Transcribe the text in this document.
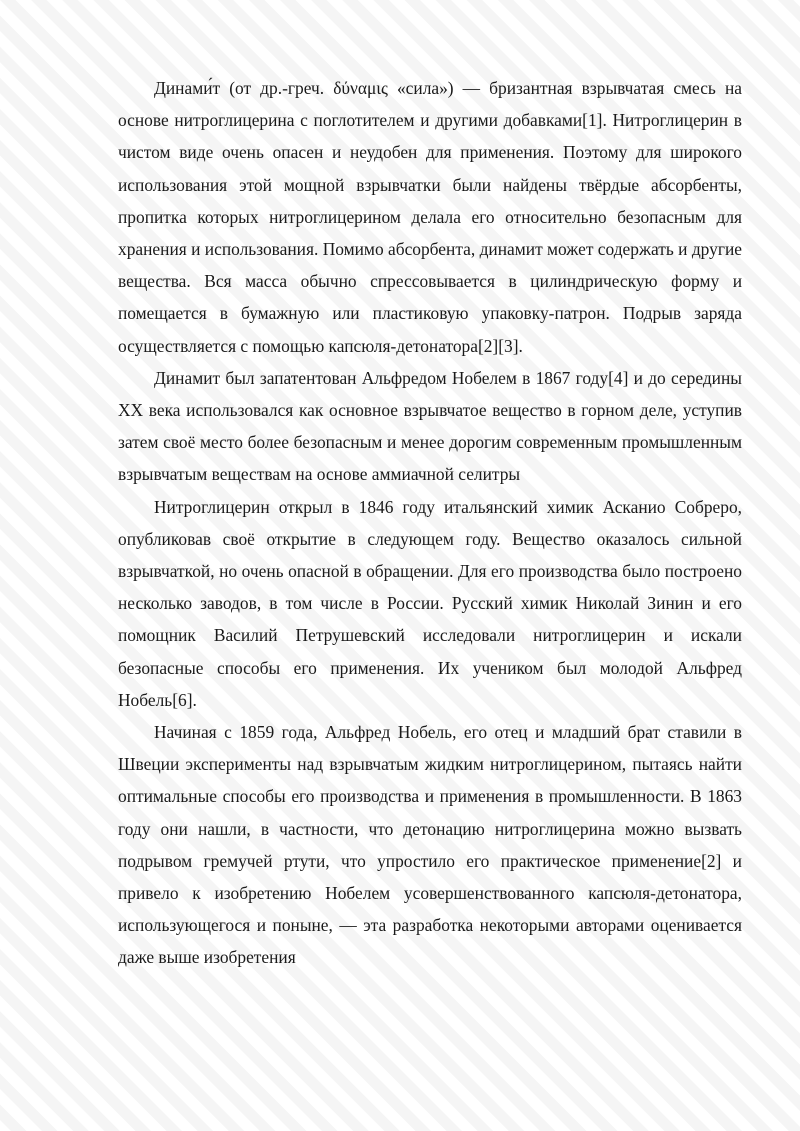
Динами́т (от др.-греч. δύναμις «сила») — бризантная взрывчатая смесь на основе нитроглицерина с поглотителем и другими добавками[1]. Нитроглицерин в чистом виде очень опасен и неудобен для применения. Поэтому для широкого использования этой мощной взрывчатки были найдены твёрдые абсорбенты, пропитка которых нитроглицерином делала его относительно безопасным для хранения и использования. Помимо абсорбента, динамит может содержать и другие вещества. Вся масса обычно спрессовывается в цилиндрическую форму и помещается в бумажную или пластиковую упаковку-патрон. Подрыв заряда осуществляется с помощью капсюля-детонатора[2][3].

Динамит был запатентован Альфредом Нобелем в 1867 году[4] и до середины XX века использовался как основное взрывчатое вещество в горном деле, уступив затем своё место более безопасным и менее дорогим современным промышленным взрывчатым веществам на основе аммиачной селитры

Нитроглицерин открыл в 1846 году итальянский химик Асканио Собреро, опубликовав своё открытие в следующем году. Вещество оказалось сильной взрывчаткой, но очень опасной в обращении. Для его производства было построено несколько заводов, в том числе в России. Русский химик Николай Зинин и его помощник Василий Петрушевский исследовали нитроглицерин и искали безопасные способы его применения. Их учеником был молодой Альфред Нобель[6].

Начиная с 1859 года, Альфред Нобель, его отец и младший брат ставили в Швеции эксперименты над взрывчатым жидким нитроглицерином, пытаясь найти оптимальные способы его производства и применения в промышленности. В 1863 году они нашли, в частности, что детонацию нитроглицерина можно вызвать подрывом гремучей ртути, что упростило его практическое применение[2] и привело к изобретению Нобелем усовершенствованного капсюля-детонатора, использующегося и поныне, — эта разработка некоторыми авторами оценивается даже выше изобретения
